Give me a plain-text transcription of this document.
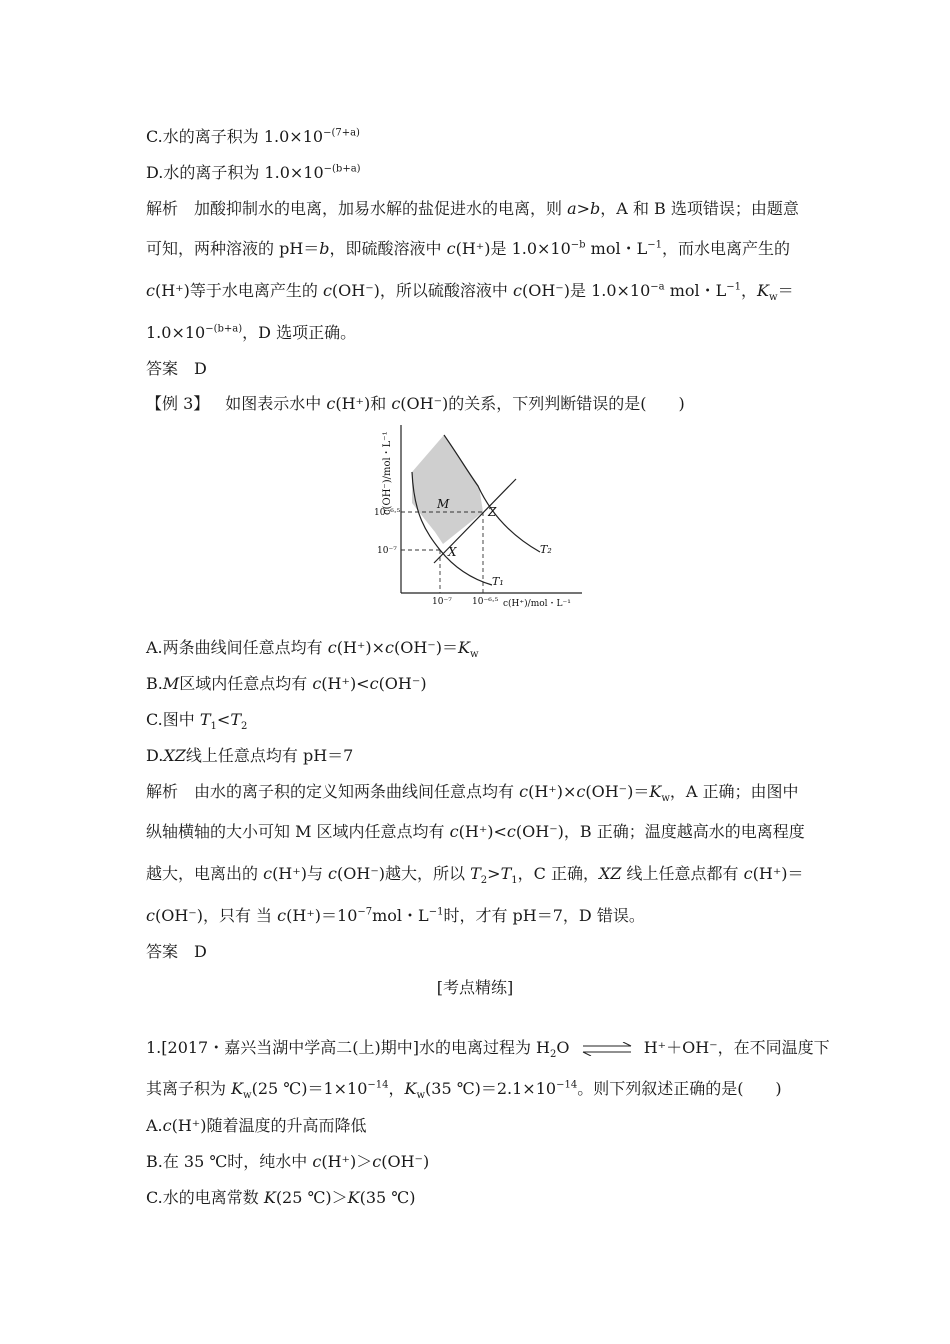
C.水的离子积为 $1.0\times 10^{-(7+a)}$
D.水的离子积为 $1.0\times 10^{-(b+a)}$
解析 加酸抑制水的电离，加易水解的盐促进水的电离，则 a>b，A 和 B 选项错误；由题意
可知，两种溶液的 pH＝b，即硫酸溶液中 c(H⁺)是 $1.0\times 10^{-b}$ mol・$L^{-1}$，而水电离产生的
c(H⁺)等于水电离产生的 c(OH⁻)，所以硫酸溶液中 c(OH⁻)是 $1.0\times 10^{-a}$ mol・$L^{-1}$，$K_w=$
$1.0\times 10^{-(b+a)}$，D 选项正确。
答案 D
【例 3】 如图表示水中 c(H⁺)和 c(OH⁻)的关系，下列判断错误的是(　　)
c(OH⁻)/mol・L⁻¹
10⁻⁶·⁵
10⁻⁷
10⁻⁷ 10⁻⁶·⁵ c(H⁺)/mol・L⁻¹
M
Z
X
T₁
T₂
A.两条曲线间任意点均有 $c(H^+)\times c(OH^-)=K_w$
B.M区域内任意点均有 c(H⁺)<c(OH⁻)
C.图中 $T_1<T_2$
D.XZ线上任意点均有 pH＝7
解析 由水的离子积的定义知两条曲线间任意点均有 $c(H^+)\times c(OH^-)=K_w$，A 正确；由图中
纵轴横轴的大小可知 M 区域内任意点均有 c(H⁺)<c(OH⁻)，B 正确；温度越高水的电离程度
越大，电离出的 c(H⁺)与 c(OH⁻)越大，所以 $T_2>T_1$，C 正确，XZ 线上任意点都有 c(H⁺)＝
c(OH⁻)，只有 当 $c(H^+)=10^{-7}mol$・$L^{-1}$时，才有 pH＝7，D 错误。
答案 D
[考点精练]
1.[2017・嘉兴当湖中学高二(上)期中]水的电离过程为 $H_2O$ ⇌ H⁺＋OH⁻，在不同温度下
其离子积为 $K_w(25$ $℃)=1\times 10^{-14}$，$K_w(35$ $℃)=2.1\times 10^{-14}$。则下列叙述正确的是(　　)
A.c(H⁺)随着温度的升高而降低
B.在 35 ℃时，纯水中 c(H⁺)＞c(OH⁻)
C.水的电离常数 K(25 ℃)＞K(35 ℃)
